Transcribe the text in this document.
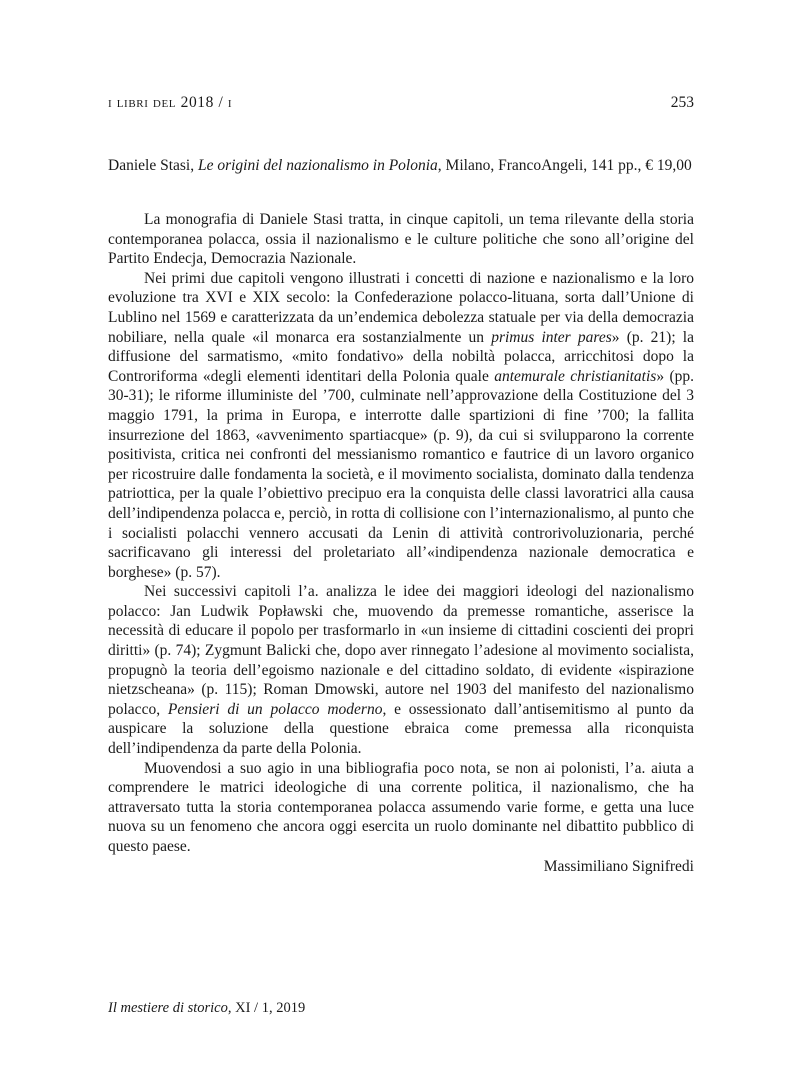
i libri del 2018 / i	253
Daniele Stasi, Le origini del nazionalismo in Polonia, Milano, FrancoAngeli, 141 pp., € 19,00

La monografia di Daniele Stasi tratta, in cinque capitoli, un tema rilevante della storia contemporanea polacca, ossia il nazionalismo e le culture politiche che sono all’origine del Partito Endecja, Democrazia Nazionale.

Nei primi due capitoli vengono illustrati i concetti di nazione e nazionalismo e la loro evoluzione tra XVI e XIX secolo: la Confederazione polacco-lituana, sorta dall’Unione di Lublino nel 1569 e caratterizzata da un’endemica debolezza statuale per via della democrazia nobiliare, nella quale «il monarca era sostanzialmente un primus inter pares» (p. 21); la diffusione del sarmatismo, «mito fondativo» della nobiltà polacca, arricchitosi dopo la Controriforma «degli elementi identitari della Polonia quale antemurale christianitatis» (pp. 30-31); le riforme illuministe del ’700, culminate nell’approvazione della Costituzione del 3 maggio 1791, la prima in Europa, e interrotte dalle spartizioni di fine ’700; la fallita insurrezione del 1863, «avvenimento spartiacque» (p. 9), da cui si svilupparono la corrente positivista, critica nei confronti del messianismo romantico e fautrice di un lavoro organico per ricostruire dalle fondamenta la società, e il movimento socialista, dominato dalla tendenza patriottica, per la quale l’obiettivo precipuo era la conquista delle classi lavoratrici alla causa dell’indipendenza polacca e, perciò, in rotta di collisione con l’internazionalismo, al punto che i socialisti polacchi vennero accusati da Lenin di attività controrivoluzionaria, perché sacrificavano gli interessi del proletariato all’«indipendenza nazionale democratica e borghese» (p. 57).

Nei successivi capitoli l’a. analizza le idee dei maggiori ideologi del nazionalismo polacco: Jan Ludwik Popławski che, muovendo da premesse romantiche, asserisce la necessità di educare il popolo per trasformarlo in «un insieme di cittadini coscienti dei propri diritti» (p. 74); Zygmunt Balicki che, dopo aver rinnegato l’adesione al movimento socialista, propugnò la teoria dell’egoismo nazionale e del cittadino soldato, di evidente «ispirazione nietzscheana» (p. 115); Roman Dmowski, autore nel 1903 del manifesto del nazionalismo polacco, Pensieri di un polacco moderno, e ossessionato dall’antisemitismo al punto da auspicare la soluzione della questione ebraica come premessa alla riconquista dell’indipendenza da parte della Polonia.

Muovendosi a suo agio in una bibliografia poco nota, se non ai polonisti, l’a. aiuta a comprendere le matrici ideologiche di una corrente politica, il nazionalismo, che ha attraversato tutta la storia contemporanea polacca assumendo varie forme, e getta una luce nuova su un fenomeno che ancora oggi esercita un ruolo dominante nel dibattito pubblico di questo paese.

Massimiliano Signifredi
Il mestiere di storico, XI / 1, 2019
